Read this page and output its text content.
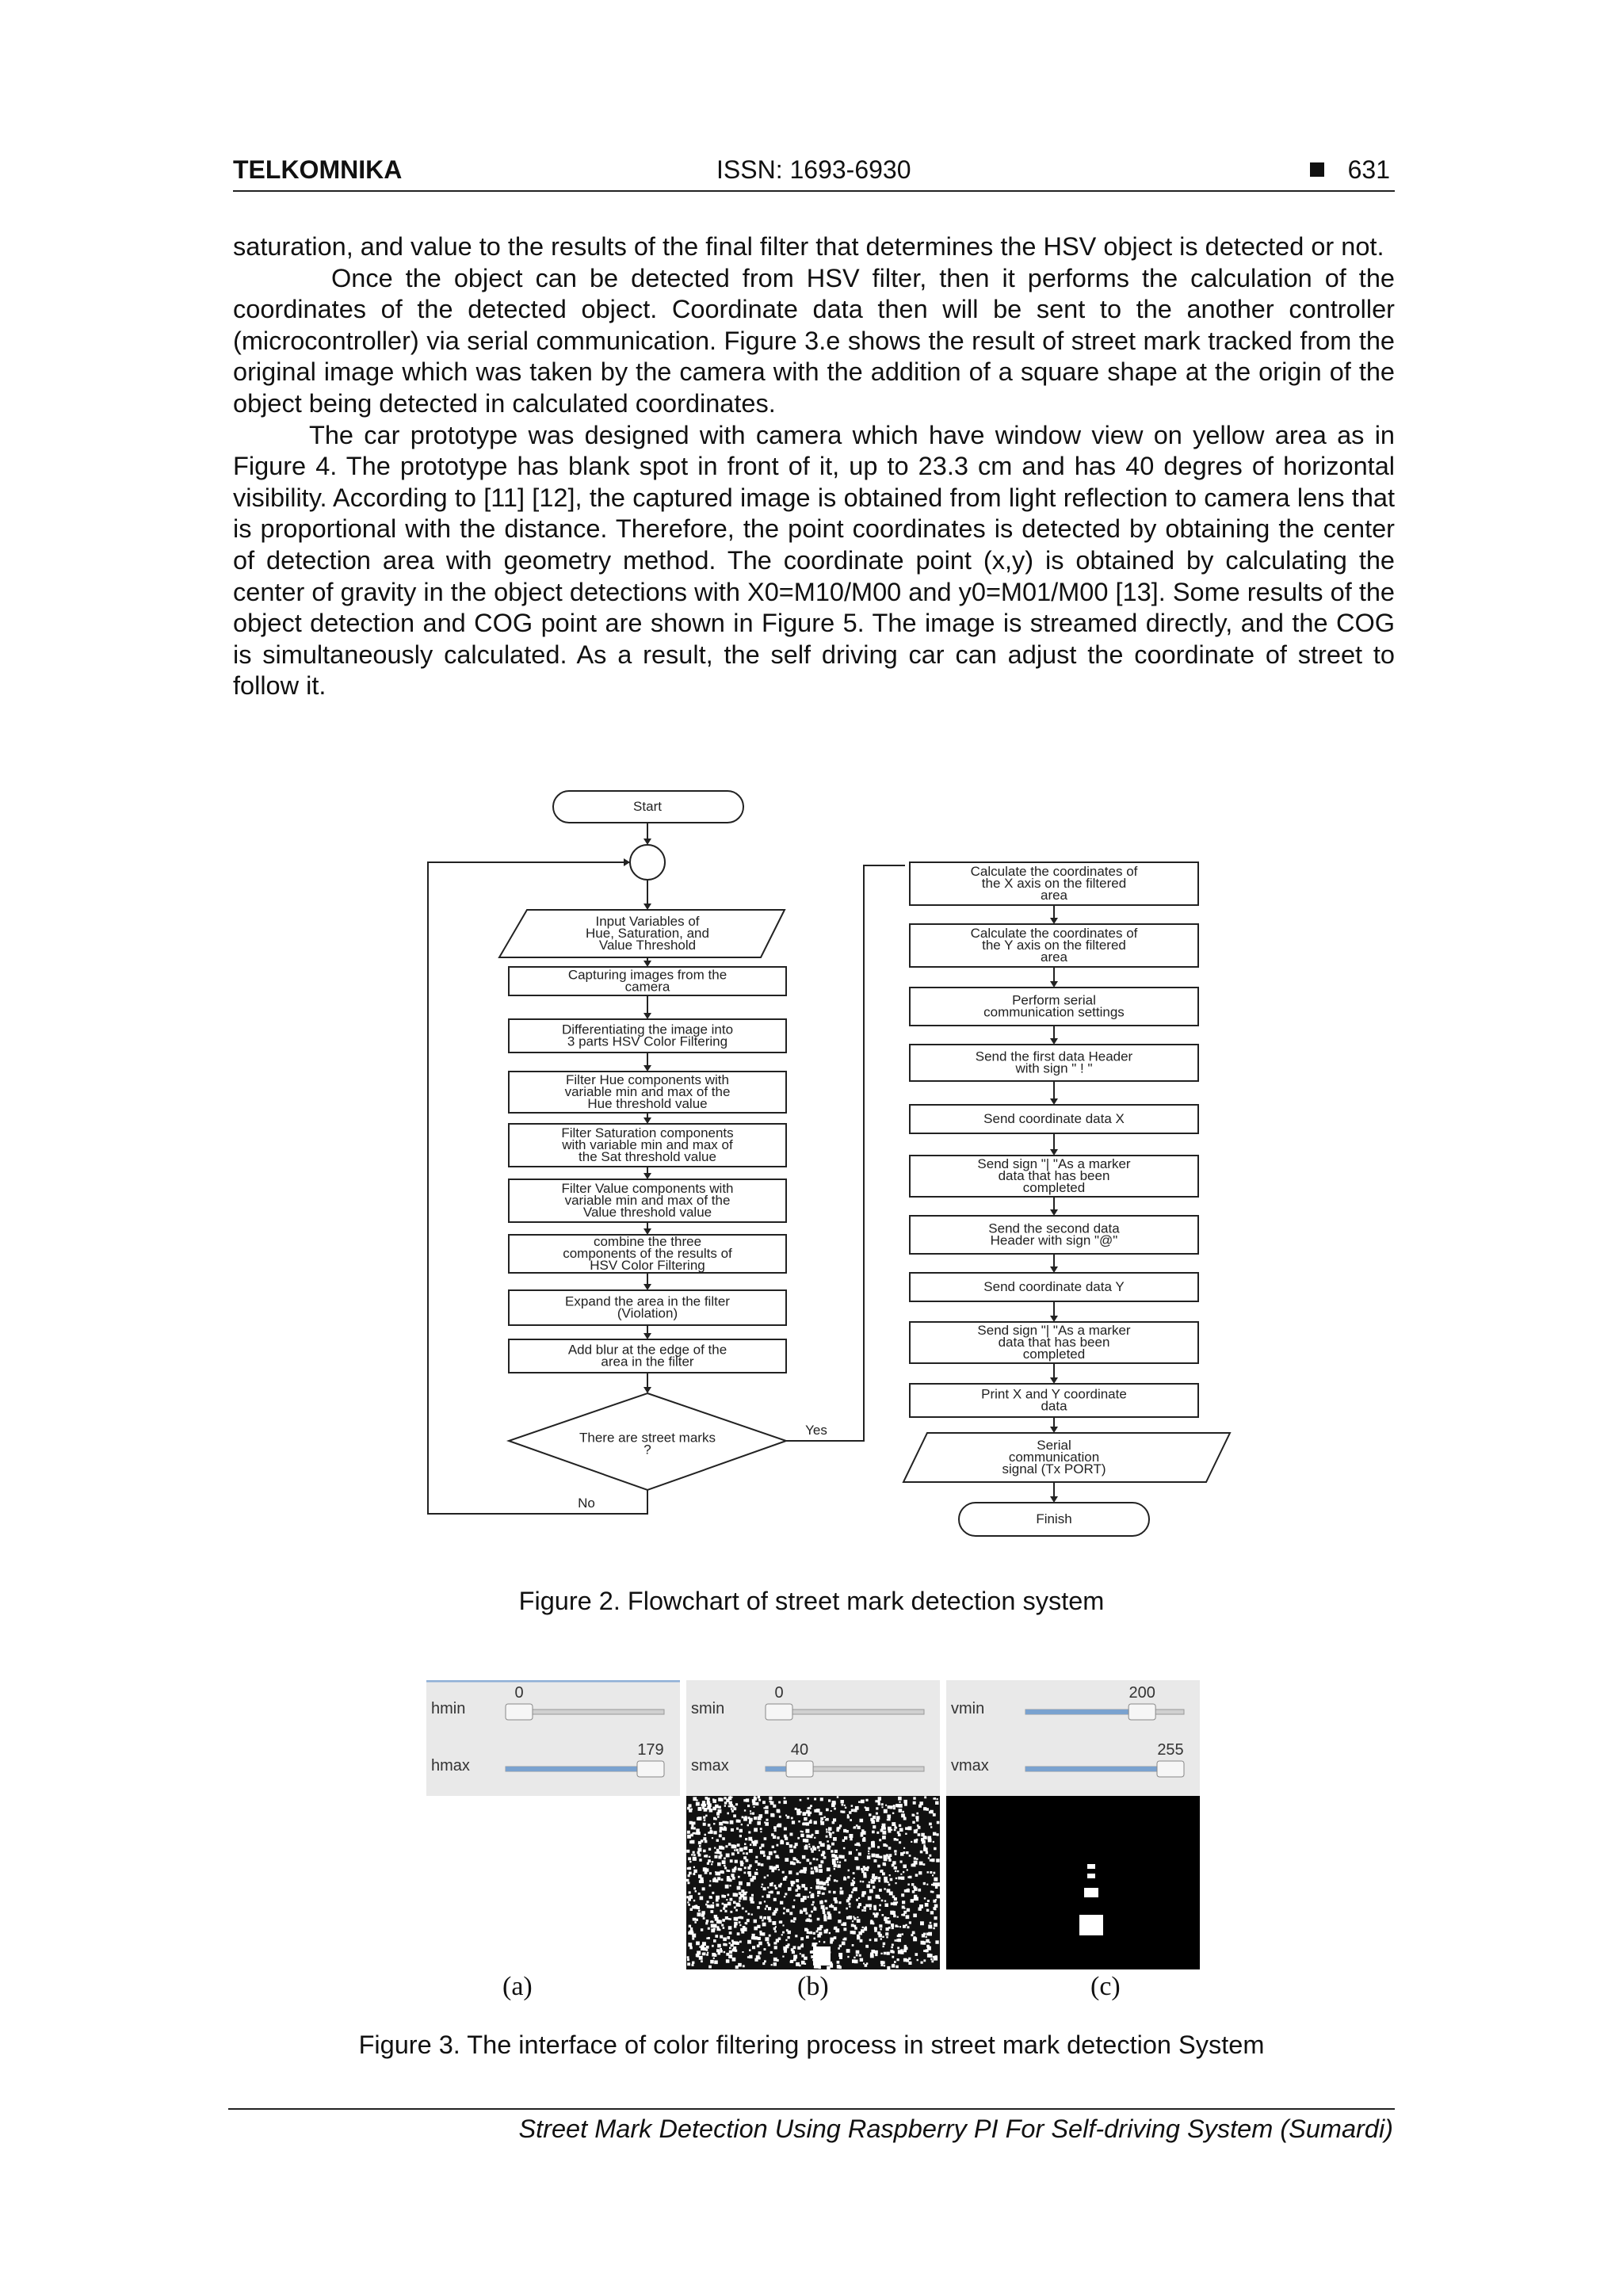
TELKOMNIKA	ISSN: 1693-6930	631

saturation, and value to the results of the final filter that determines the HSV object is detected or not.

Once the object can be detected from HSV filter, then it performs the calculation of the coordinates of the detected object. Coordinate data then will be sent to the another controller (microcontroller) via serial communication. Figure 3.e shows the result of street mark tracked from the original image which was taken by the camera with the addition of a square shape at the origin of the object being detected in calculated coordinates.

The car prototype was designed with camera which have window view on yellow area as in Figure 4. The prototype has blank spot in front of it, up to 23.3 cm and has 40 degres of horizontal visibility. According to [11] [12], the captured image is obtained from light reflection to camera lens that is proportional with the distance. Therefore, the point coordinates is detected by obtaining the center of detection area with geometry method. The coordinate point (x,y) is obtained by calculating the center of gravity in the object detections with X0=M10/M00 and y0=M01/M00 [13]. Some results of the object detection and COG point are shown in Figure 5. The image is streamed directly, and the COG is simultaneously calculated. As a result, the self driving car can adjust the coordinate of street to follow it.

Start
Input Variables of
Hue, Saturation, and
Value Threshold
Capturing images from the
camera
Differentiating the image into
3 parts HSV Color Filtering
Filter Hue components with
variable min and max of the
Hue threshold value
Filter Saturation components
with variable min and max of
the Sat threshold value
Filter Value components with
variable min and max of the
Value threshold value
combine the three
components of the results of
HSV Color Filtering
Expand the area in the filter
(Violation)
Add blur at the edge of the
area in the filter
There are street marks
?
No
Yes
Calculate the coordinates of
the X axis on the filtered
area
Calculate the coordinates of
the Y axis on the filtered
area
Perform serial
communication settings
Send the first data Header
with sign " ! "
Send coordinate data X
Send sign "| "As a marker
data that has been
completed
Send the second data
Header with sign "@"
Send coordinate data Y
Send sign "| "As a marker
data that has been
completed
Print X and Y coordinate
data
Serial
communication
signal (Tx PORT)
Finish
Figure 2. Flowchart of street mark detection system
hmin
0
hmax
179
smin
0
smax
40
vmin
200
vmax
255
(a)	(b)	(c)
Figure 3. The interface of color filtering process in street mark detection System
Street Mark Detection Using Raspberry PI For Self-driving System (Sumardi)
